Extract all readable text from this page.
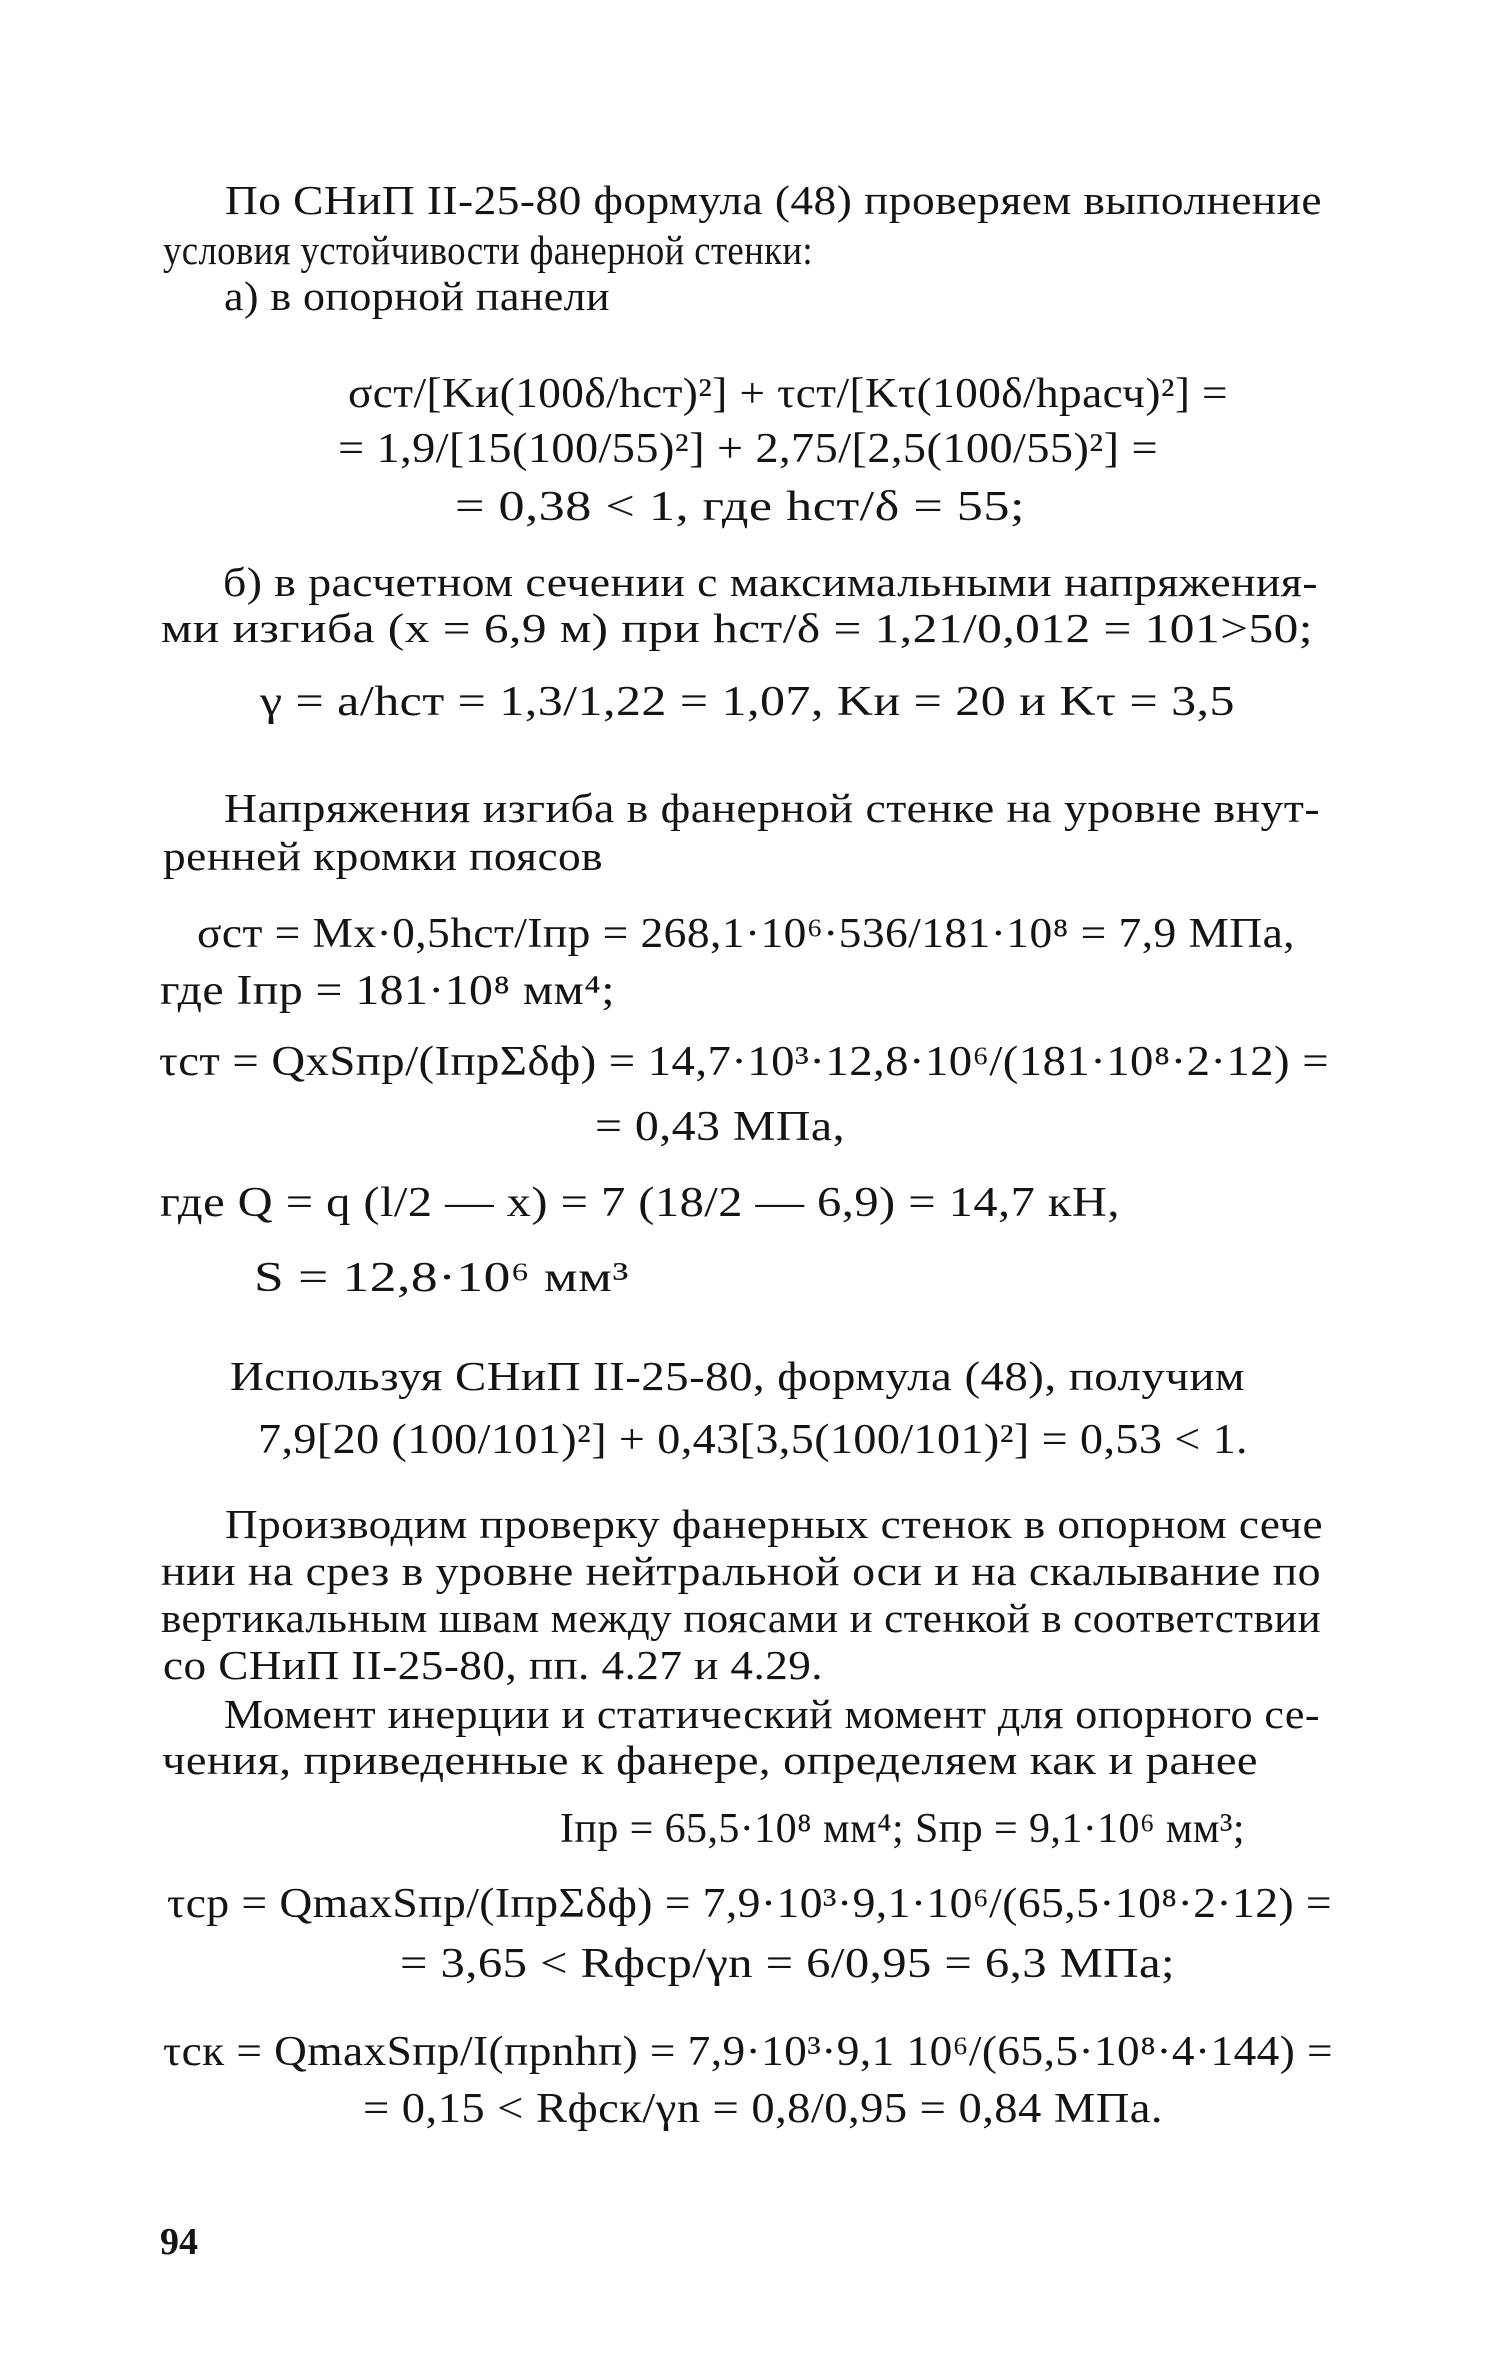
По СНиП II-25-80 формула (48) проверяем выполнение
условия устойчивости фанерной стенки:
а) в опорной панели
σст/[Kи(100δ/hст)²] + τст/[Kτ(100δ/hрасч)²] =
= 1,9/[15(100/55)²] + 2,75/[2,5(100/55)²] =
= 0,38 < 1, где hст/δ = 55;
б) в расчетном сечении с максимальными напряжения-
ми изгиба (x = 6,9 м) при hст/δ = 1,21/0,012 = 101>50;
γ = a/hст = 1,3/1,22 = 1,07, Kи = 20 и Kτ = 3,5
Напряжения изгиба в фанерной стенке на уровне внут-
ренней кромки поясов
σст = Mx·0,5hст/Iпр = 268,1·10⁶·536/181·10⁸ = 7,9 МПа,
где Iпр = 181·10⁸ мм⁴;
τст = QxSпр/(IпрΣδф) = 14,7·10³·12,8·10⁶/(181·10⁸·2·12) =
= 0,43 МПа,
где Q = q (l/2 — x) = 7 (18/2 — 6,9) = 14,7 кН,
S = 12,8·10⁶ мм³
Используя СНиП II-25-80, формула (48), получим
7,9[20 (100/101)²] + 0,43[3,5(100/101)²] = 0,53 < 1.
Производим проверку фанерных стенок в опорном сече
нии на срез в уровне нейтральной оси и на скалывание по
вертикальным швам между поясами и стенкой в соответствии
со СНиП II-25-80, пп. 4.27 и 4.29.
Момент инерции и статический момент для опорного се-
чения, приведенные к фанере, определяем как и ранее
Iпр = 65,5·10⁸ мм⁴; Sпр = 9,1·10⁶ мм³;
τср = QmaxSпр/(IпрΣδф) = 7,9·10³·9,1·10⁶/(65,5·10⁸·2·12) =
= 3,65 < Rфср/γn = 6/0,95 = 6,3 МПа;
τск = QmaxSпр/I(прnhп) = 7,9·10³·9,1 10⁶/(65,5·10⁸·4·144) =
= 0,15 < Rфск/γn = 0,8/0,95 = 0,84 МПа.
94
